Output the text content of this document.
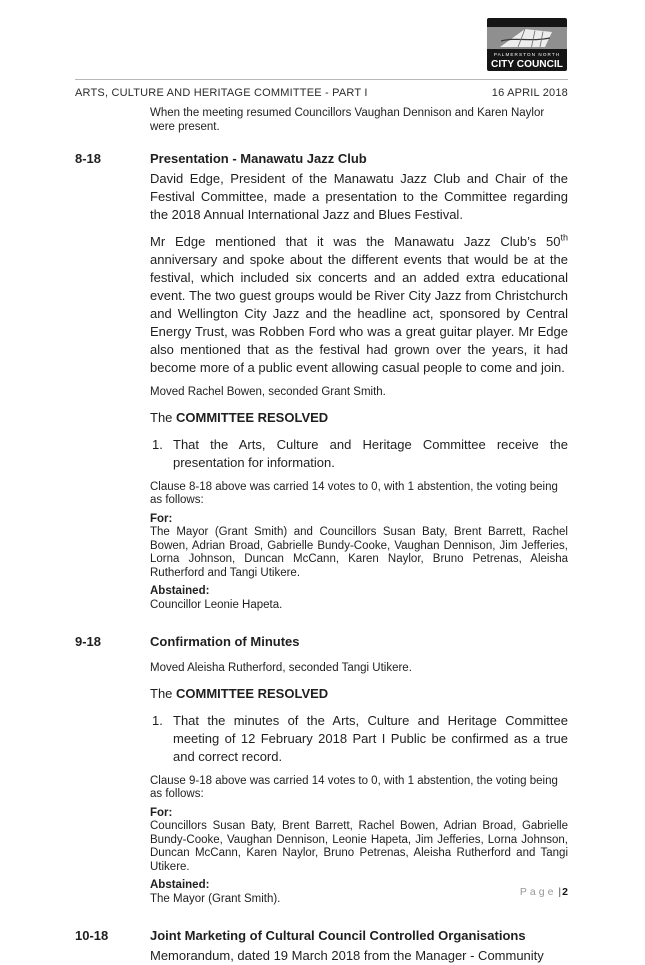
PALMERSTON NORTH
CITY COUNCIL
ARTS, CULTURE AND HERITAGE COMMITTEE - PART I	16 APRIL 2018

When the meeting resumed Councillors Vaughan Dennison and Karen Naylor were present.

8-18	Presentation - Manawatu Jazz Club

David Edge, President of the Manawatu Jazz Club and Chair of the Festival Committee, made a presentation to the Committee regarding the 2018 Annual International Jazz and Blues Festival.

Mr Edge mentioned that it was the Manawatu Jazz Club’s 50th anniversary and spoke about the different events that would be at the festival, which included six concerts and an added extra educational event. The two guest groups would be River City Jazz from Christchurch and Wellington City Jazz and the headline act, sponsored by Central Energy Trust, was Robben Ford who was a great guitar player. Mr Edge also mentioned that as the festival had grown over the years, it had become more of a public event allowing casual people to come and join.

Moved Rachel Bowen, seconded Grant Smith.

The COMMITTEE RESOLVED

1. That the Arts, Culture and Heritage Committee receive the presentation for information.

Clause 8-18 above was carried 14 votes to 0, with 1 abstention, the voting being as follows:

For:

The Mayor (Grant Smith) and Councillors Susan Baty, Brent Barrett, Rachel Bowen, Adrian Broad, Gabrielle Bundy-Cooke, Vaughan Dennison, Jim Jefferies, Lorna Johnson, Duncan McCann, Karen Naylor, Bruno Petrenas, Aleisha Rutherford and Tangi Utikere.

Abstained:

Councillor Leonie Hapeta.

9-18	Confirmation of Minutes

Moved Aleisha Rutherford, seconded Tangi Utikere.

The COMMITTEE RESOLVED

1. That the minutes of the Arts, Culture and Heritage Committee meeting of 12 February 2018 Part I Public be confirmed as a true and correct record.

Clause 9-18 above was carried 14 votes to 0, with 1 abstention, the voting being as follows:

For:

Councillors Susan Baty, Brent Barrett, Rachel Bowen, Adrian Broad, Gabrielle Bundy-Cooke, Vaughan Dennison, Leonie Hapeta, Jim Jefferies, Lorna Johnson, Duncan McCann, Karen Naylor, Bruno Petrenas, Aleisha Rutherford and Tangi Utikere.

Abstained:

The Mayor (Grant Smith).

10-18	Joint Marketing of Cultural Council Controlled Organisations

Memorandum, dated 19 March 2018 from the Manager - Community

Page |2
